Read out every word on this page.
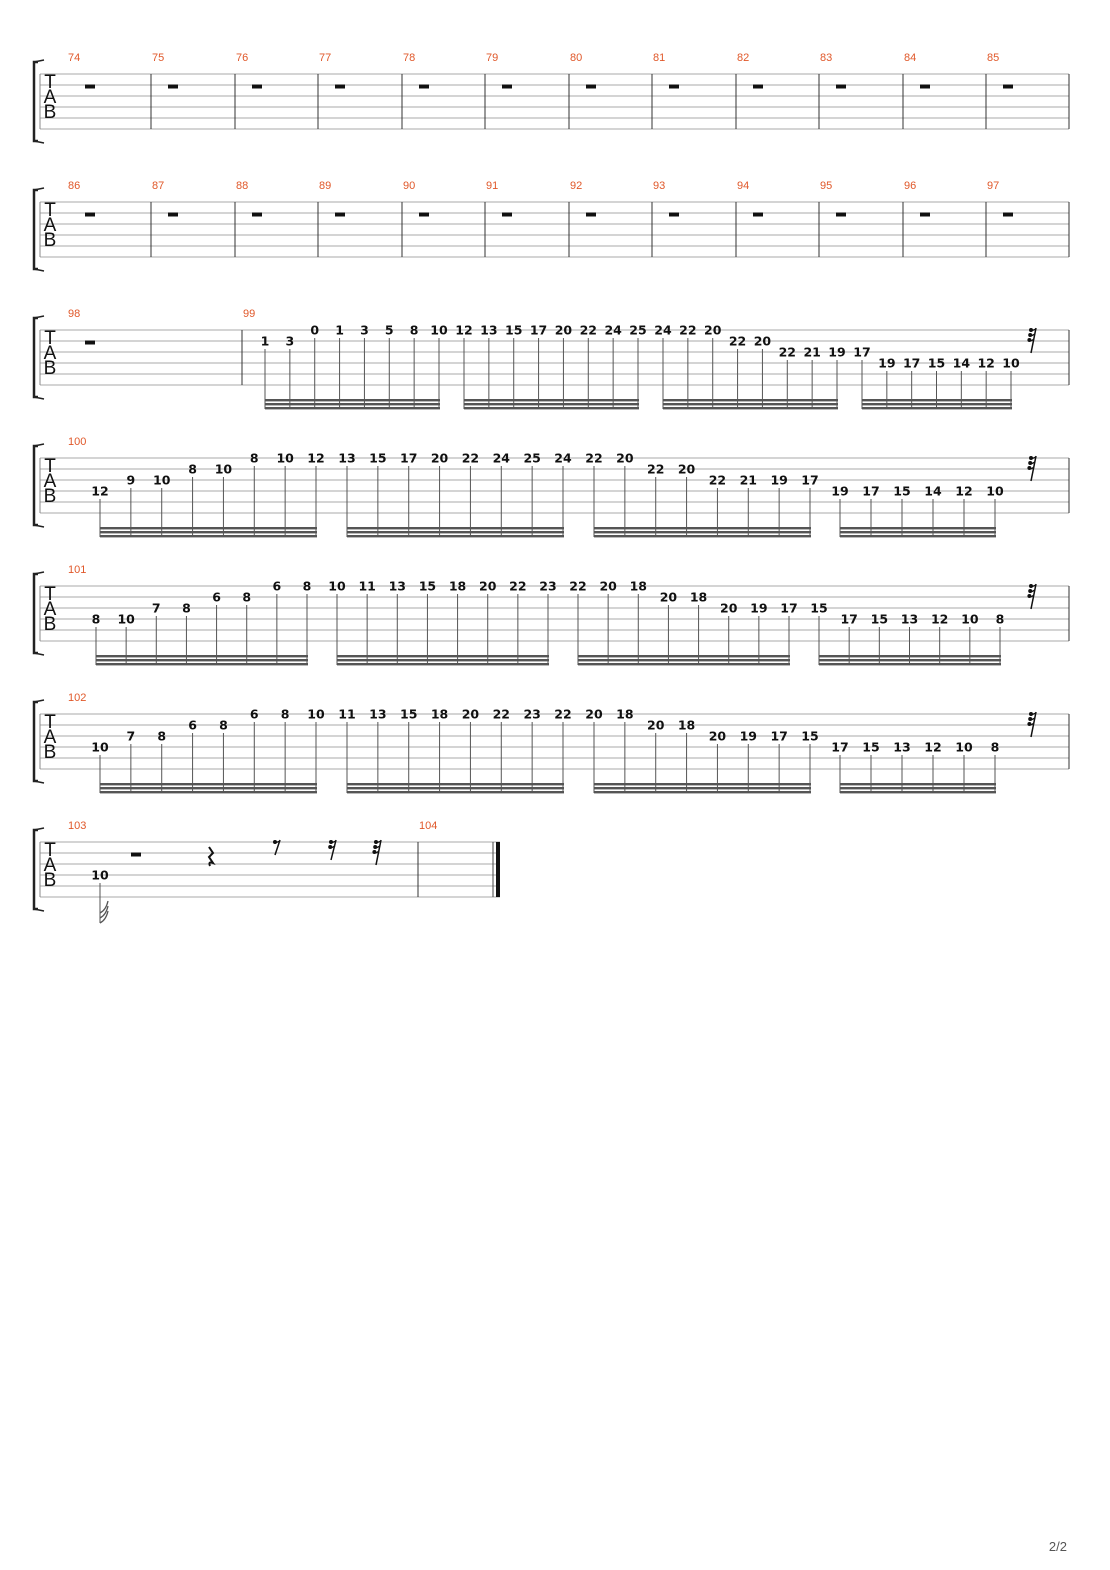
T
A
B
74	75	76	77	78	79	80	81	82	83	84	85
T
A
B
86	87	88	89	90	91	92	93	94	95	96	97
T
A
B
98	99
1 3
0 1 3 5 8 10 12 13 15 17 20 22 24 25 24 22 20
22 20
22 21 19 17
19 17 15 14 12 10
T
A
B
100
12
9 10
8 10
8 10 12 13 15 17 20 22 24 25 24 22 20
22 20
22 21 19 17
19 17 15 14 12 10
T
A
B
101
8 10
7 8
6 8
6 8 10 11 13 15 18 20 22 23 22 20 18
20 18
20 19 17 15
17 15 13 12 10 8
T
A
B
102
10
7 8
6 8
6 8 10 11 13 15 18 20 22 23 22 20 18
20 18
20 19 17 15
17 15 13 12 10 8
T
A
B
103
10
104
2/2
